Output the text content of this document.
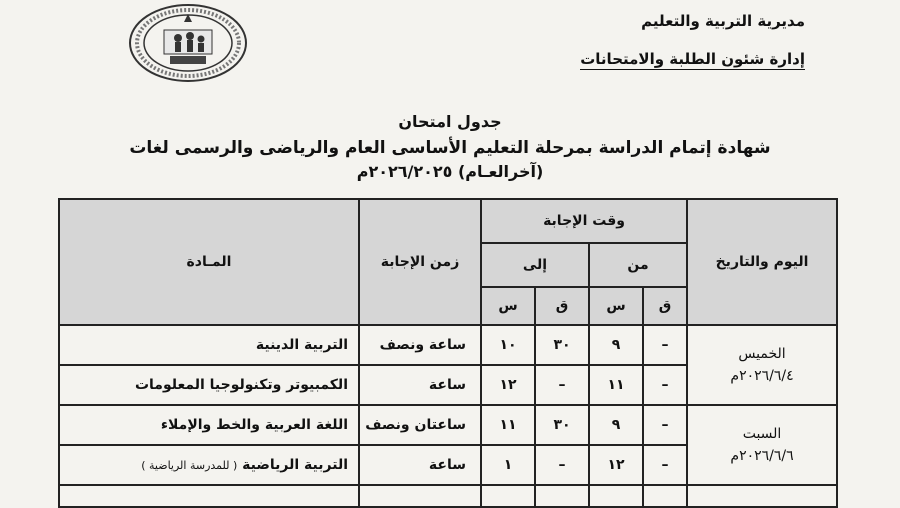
مديرية التربية والتعليم
إدارة شئون الطلبة والامتحانات
جدول امتحان
شهادة إتمام الدراسة بمرحلة التعليم الأساسى العام والرياضى والرسمى لغات
(آخرالعـام) ٢٠٢٦/٢٠٢٥م
اليوم والتاريخ	وقت الإجابة				زمن الإجابة	المـادة
	من		إلى			
	ق	س	ق	س		

الخميس
٢٠٢٦/٦/٤م	–	٩	٣٠	١٠	ساعة ونصف	التربية الدينية
	–	١١	–	١٢	ساعة	الكمبيوتر وتكنولوجيا المعلومات

السبت
٢٠٢٦/٦/٦م	–	٩	٣٠	١١	ساعتان ونصف	اللغة العربية والخط والإملاء
	–	١٢	–	١	ساعة	التربية الرياضية ( للمدرسة الرياضية )
